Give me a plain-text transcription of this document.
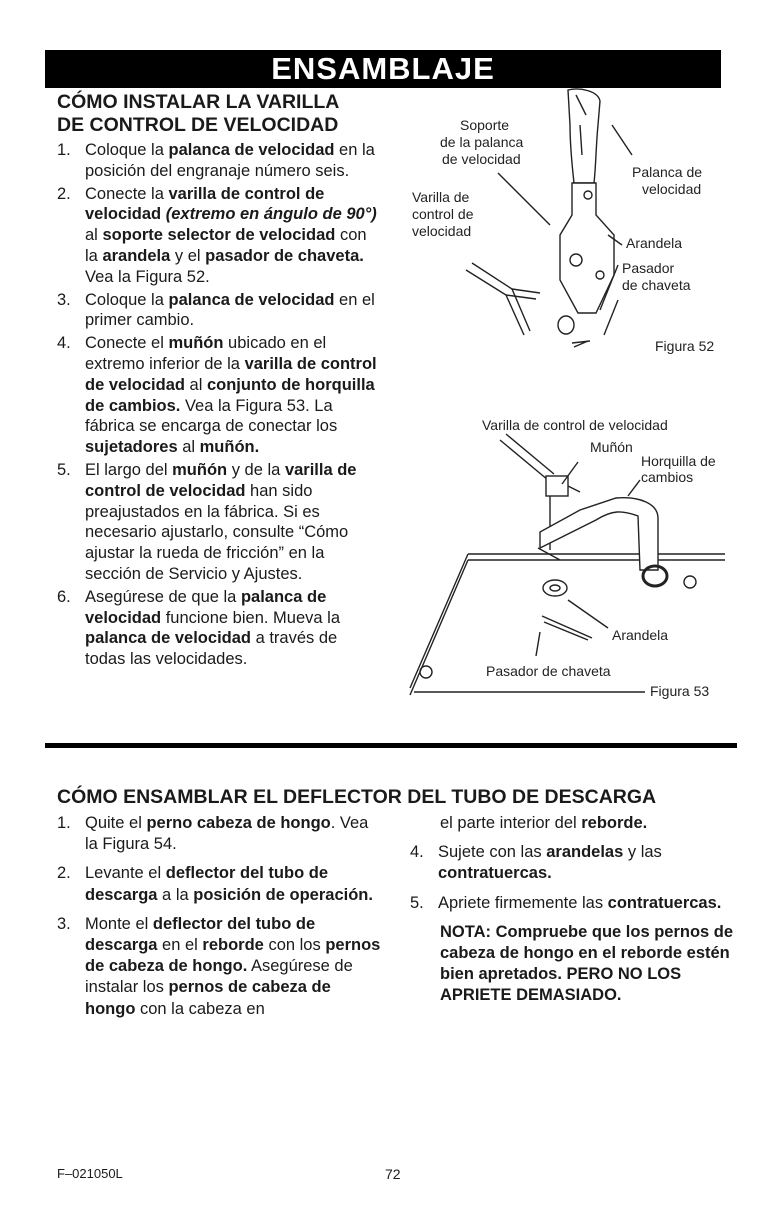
ENSAMBLAJE
CÓMO INSTALAR LA VARILLA
DE CONTROL DE VELOCIDAD
1. Coloque la palanca de velocidad en la posición del engranaje número seis.
2. Conecte la varilla de control de velocidad (extremo en ángulo de 90°) al soporte selector de velocidad con la arandela y el pasador de chaveta. Vea la Figura 52.
3. Coloque la palanca de velocidad en el primer cambio.
4. Conecte el muñón ubicado en el extremo inferior de la varilla de control de velocidad al conjunto de horquilla de cambios. Vea la Figura 53. La fábrica se encarga de conectar los sujetadores al muñón.
5. El largo del muñón y de la varilla de control de velocidad han sido preajustados en la fábrica. Si es necesario ajustarlo, consulte “Cómo ajustar la rueda de fricción” en la sección de Servicio y Ajustes.
6. Asegúrese de que la palanca de velocidad funcione bien. Mueva la palanca de velocidad a través de todas las velocidades.
Soporte
de la palanca
de velocidad
Varilla de
control de
velocidad
Palanca de
velocidad
Arandela
Pasador
de chaveta
Figura 52
Varilla de control de velocidad
Muñón
Horquilla de
cambios
Arandela
Pasador de chaveta
Figura 53
CÓMO ENSAMBLAR EL DEFLECTOR DEL TUBO DE DESCARGA
1. Quite el perno cabeza de hongo. Vea la Figura 54.
2. Levante el deflector del tubo de descarga a la posición de operación.
3. Monte el deflector del tubo de descarga en el reborde con los pernos de cabeza de hongo. Asegúrese de instalar los pernos de cabeza de hongo con la cabeza en

el parte interior del reborde.

4. Sujete con las arandelas y las contratuercas.
5. Apriete firmemente las contratuercas.

NOTA: Compruebe que los pernos de cabeza de hongo en el reborde estén bien apretados. PERO NO LOS APRIETE DEMASIADO.

F–021050L	72
